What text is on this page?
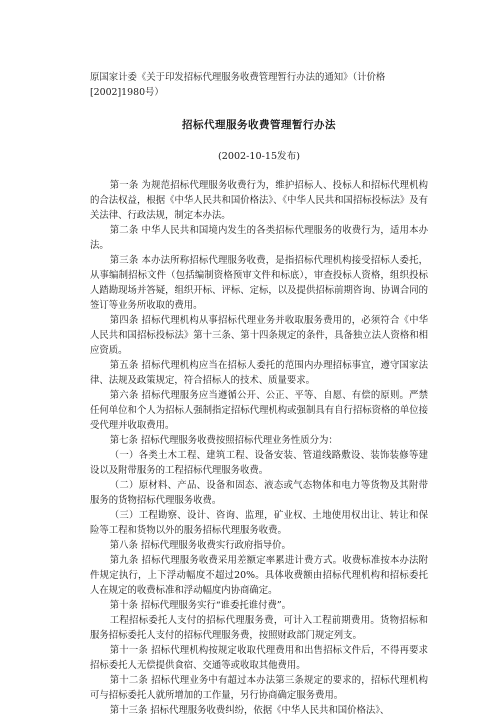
原国家计委《关于印发招标代理服务收费管理暂行办法的通知》（计价格[2002]1980号）

招标代理服务收费管理暂行办法
(2002-10-15发布)

第一条 为规范招标代理服务收费行为，维护招标人、投标人和招标代理机构的合法权益，根据《中华人民共和国价格法》、《中华人民共和国招标投标法》及有关法律、行政法规，制定本办法。

第二条 中华人民共和国境内发生的各类招标代理服务的收费行为，适用本办法。

第三条 本办法所称招标代理服务收费，是指招标代理机构接受招标人委托，从事编制招标文件（包括编制资格预审文件和标底），审查投标人资格，组织投标人踏勘现场并答疑，组织开标、评标、定标，以及提供招标前期咨询、协调合同的签订等业务所收取的费用。

第四条 招标代理机构从事招标代理业务并收取服务费用的，必须符合《中华人民共和国招标投标法》第十三条、第十四条规定的条件，具备独立法人资格和相应资质。

第五条 招标代理机构应当在招标人委托的范围内办理招标事宜，遵守国家法律、法规及政策规定，符合招标人的技术、质量要求。

第六条 招标代理服务应当遵循公开、公正、平等、自愿、有偿的原则。严禁任何单位和个人为招标人强制指定招标代理机构或强制具有自行招标资格的单位接受代理并收取费用。

第七条 招标代理服务收费按照招标代理业务性质分为：

（一）各类土木工程、建筑工程、设备安装、管道线路敷设、装饰装修等建设以及附带服务的工程招标代理服务收费。

（二）原材料、产品、设备和固态、液态或气态物体和电力等货物及其附带服务的货物招标代理服务收费。

（三）工程勘察、设计、咨询、监理，矿业权、土地使用权出让、转让和保险等工程和货物以外的服务招标代理服务收费。

第八条 招标代理服务收费实行政府指导价。

第九条 招标代理服务收费采用差额定率累进计费方式。收费标准按本办法附件规定执行，上下浮动幅度不超过20%。具体收费额由招标代理机构和招标委托人在规定的收费标准和浮动幅度内协商确定。

第十条 招标代理服务实行“谁委托谁付费”。

工程招标委托人支付的招标代理服务费，可计入工程前期费用。货物招标和服务招标委托人支付的招标代理服务费，按照财政部门规定列支。

第十一条 招标代理机构按规定收取代理费用和出售招标文件后，不得再要求招标委托人无偿提供食宿、交通等或收取其他费用。

第十二条 招标代理业务中有超过本办法第三条规定的要求的，招标代理机构可与招标委托人就所增加的工作量，另行协商确定服务费用。

第十三条 招标代理服务收费纠纷，依据《中华人民共和国价格法》、
